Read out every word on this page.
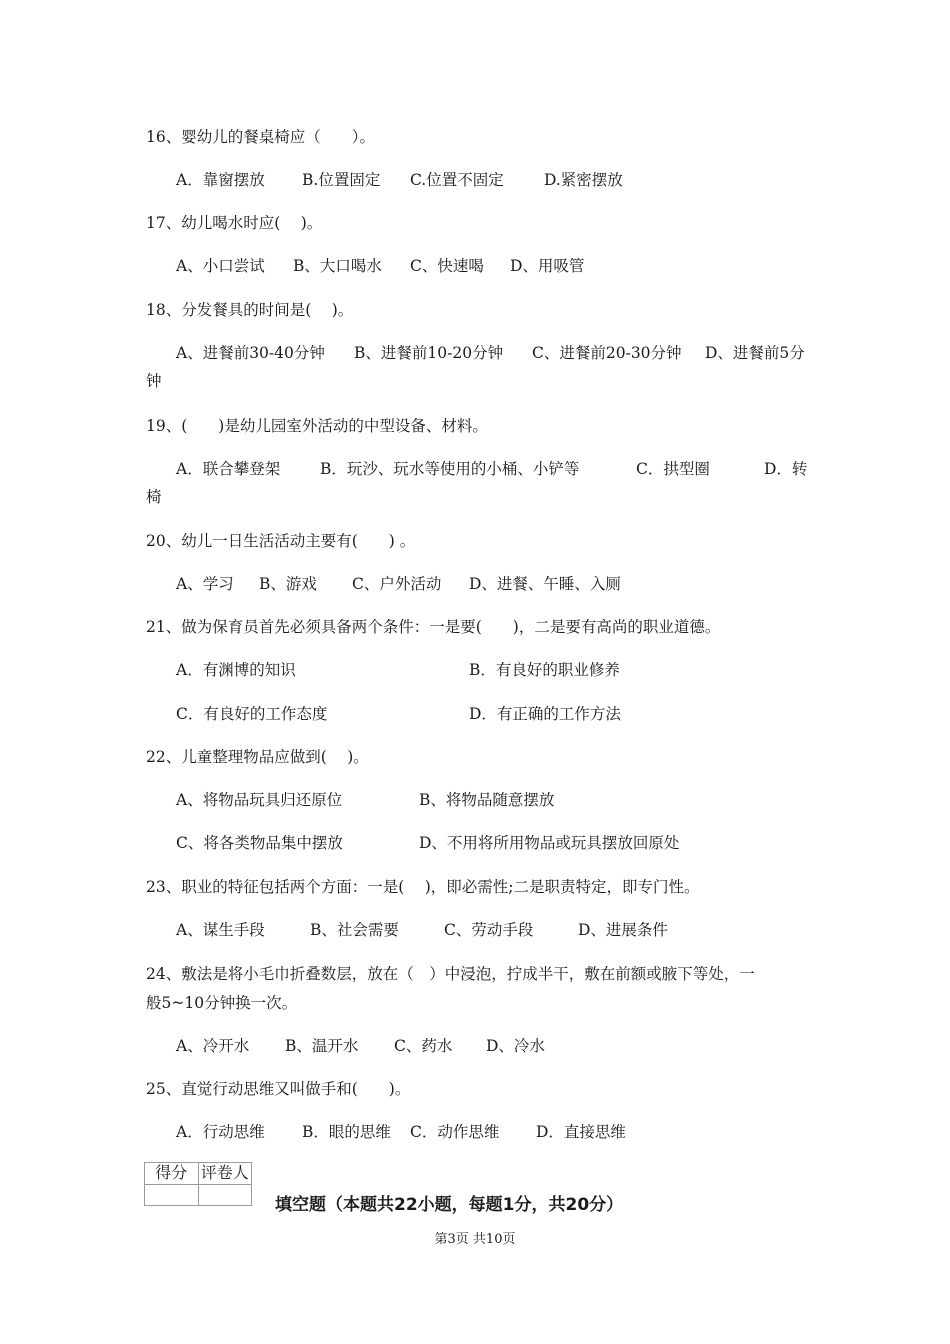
16、婴幼儿的餐桌椅应（　　）。
A．靠窗摆放 B.位置固定 C.位置不固定	D.紧密摆放
17、幼儿喝水时应(　 )。
A、小口尝试 B、大口喝水 C、快速喝 D、用吸管
18、分发餐具的时间是(　 )。
A、进餐前30-40分钟 B、进餐前10-20分钟 C、进餐前20-30分钟 D、进餐前5分
钟
19、(　　)是幼儿园室外活动的中型设备、材料。
A．联合攀登架	B．玩沙、玩水等使用的小桶、小铲等	C．拱型圈	D．转
椅
20、幼儿一日生活活动主要有(　　) 。
A、学习 B、游戏 C、户外活动 D、进餐、午睡、入厕
21、做为保育员首先必须具备两个条件：一是要(　　)，二是要有高尚的职业道德。
A．有渊博的知识	B．有良好的职业修养
C．有良好的工作态度	D．有正确的工作方法
22、儿童整理物品应做到(　 )。
A、将物品玩具归还原位	B、将物品随意摆放
C、将各类物品集中摆放	D、不用将所用物品或玩具摆放回原处
23、职业的特征包括两个方面：一是(　 )，即必需性;二是职责特定，即专门性。
A、谋生手段	B、社会需要	C、劳动手段	D、进展条件
24、敷法是将小毛巾折叠数层，放在（　）中浸泡，拧成半干，敷在前额或腋下等处，一
般5~10分钟换一次。
A、冷开水 B、温开水 C、药水 D、冷水
25、直觉行动思维又叫做手和(　　)。
A．行动思维 B．眼的思维 C．动作思维 D．直接思维
得分	评卷人

填空题（本题共22小题，每题1分，共20分）
第3页 共10页
